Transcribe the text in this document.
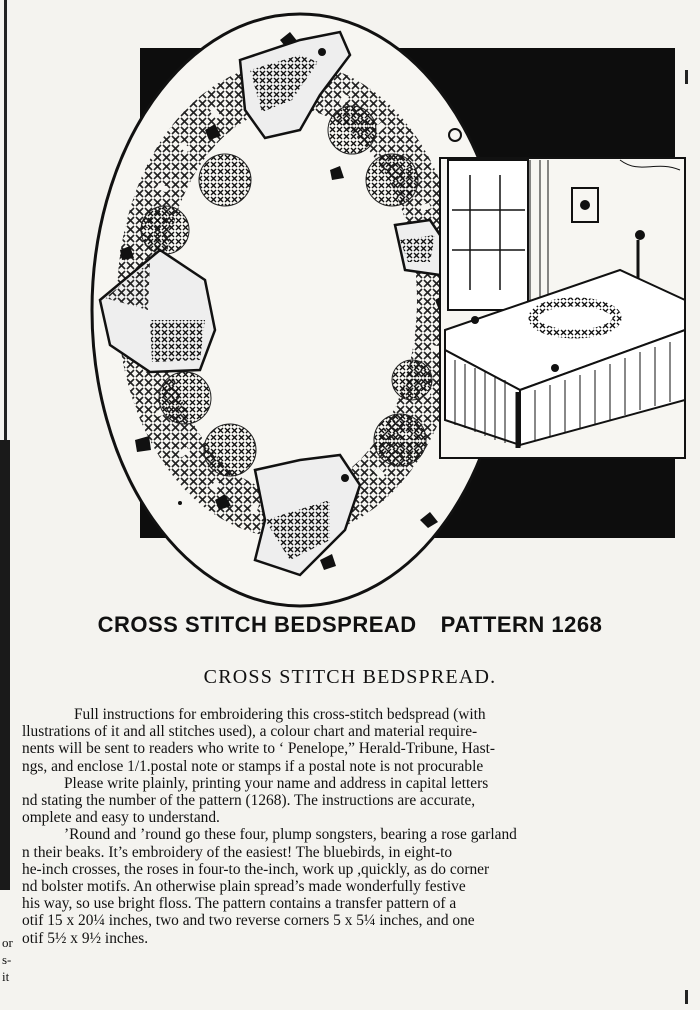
or
s-
it
CROSS STITCH BEDSPREAD PATTERN 1268
CROSS STITCH BEDSPREAD.
Full instructions for embroidering this cross-stitch bedspread (with
llustrations of it and all stitches used), a colour chart and material require-
nents will be sent to readers who write to ‘ Penelope,” Herald-Tribune, Hast-
ngs, and enclose 1/1.postal note or stamps if a postal note is not procurable
Please write plainly, printing your name and address in capital letters
nd stating the number of the pattern (1268). The instructions are accurate,
omplete and easy to understand.
’Round and ’round go these four, plump songsters, bearing a rose garland
n their beaks. It’s embroidery of the easiest! The bluebirds, in eight-to
he-inch crosses, the roses in four-to the-inch, work up ,quickly, as do corner
nd bolster motifs. An otherwise plain spread’s made wonderfully festive
his way, so use bright floss. The pattern contains a transfer pattern of a
otif 15 x 20¼ inches, two and two reverse corners 5 x 5¼ inches, and one
otif 5½ x 9½ inches.
